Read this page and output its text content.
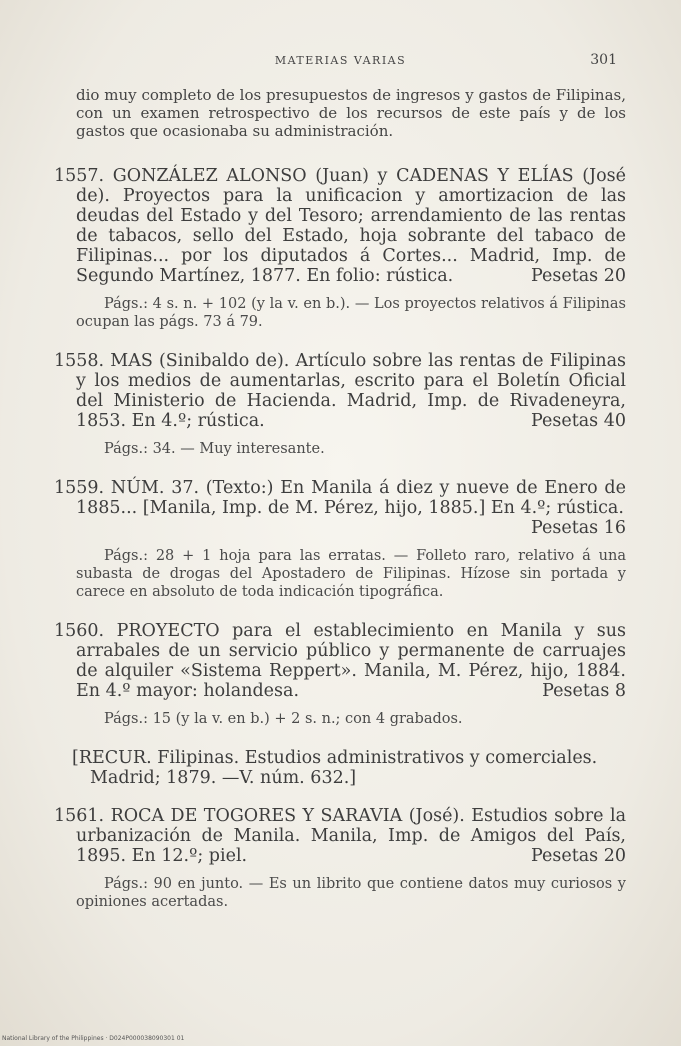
MATERIAS VARIAS	301

dio muy completo de los presupuestos de ingresos y gastos de Filipinas, con un examen retrospectivo de los recursos de este país y de los gastos que ocasionaba su administración.

1557. GONZÁLEZ ALONSO (Juan) y CADENAS Y ELÍAS (José de). Proyectos para la unificacion y amortizacion de las deudas del Estado y del Tesoro; arrendamiento de las rentas de tabacos, sello del Estado, hoja sobrante del tabaco de Filipinas... por los diputados á Cortes... Madrid, Imp. de Segundo Martínez, 1877. En folio: rústica.	Pesetas 20

Págs.: 4 s. n. + 102 (y la v. en b.). — Los proyectos relativos á Filipinas ocupan las págs. 73 á 79.

1558. MAS (Sinibaldo de). Artículo sobre las rentas de Filipinas y los medios de aumentarlas, escrito para el Boletín Oficial del Ministerio de Hacienda. Madrid, Imp. de Rivadeneyra, 1853. En 4.º; rústica.	Pesetas 40

Págs.: 34. — Muy interesante.

1559. NÚM. 37. (Texto:) En Manila á diez y nueve de Enero de 1885... [Manila, Imp. de M. Pérez, hijo, 1885.] En 4.º; rústica.
Pesetas 16

Págs.: 28 + 1 hoja para las erratas. — Folleto raro, relativo á una subasta de drogas del Apostadero de Filipinas. Hízose sin portada y carece en absoluto de toda indicación tipográfica.

1560. PROYECTO para el establecimiento en Manila y sus arrabales de un servicio público y permanente de carruajes de alquiler «Sistema Reppert». Manila, M. Pérez, hijo, 1884. En 4.º mayor: holandesa.	Pesetas 8

Págs.: 15 (y la v. en b.) + 2 s. n.; con 4 grabados.

[RECUR. Filipinas. Estudios administrativos y comerciales.
Madrid; 1879. —V. núm. 632.]

1561. ROCA DE TOGORES Y SARAVIA (José). Estudios sobre la urbanización de Manila. Manila, Imp. de Amigos del País, 1895. En 12.º; piel.	Pesetas 20

Págs.: 90 en junto. — Es un librito que contiene datos muy curiosos y opiniones acertadas.

National Library of the Philippines · D024P000038090301 01
